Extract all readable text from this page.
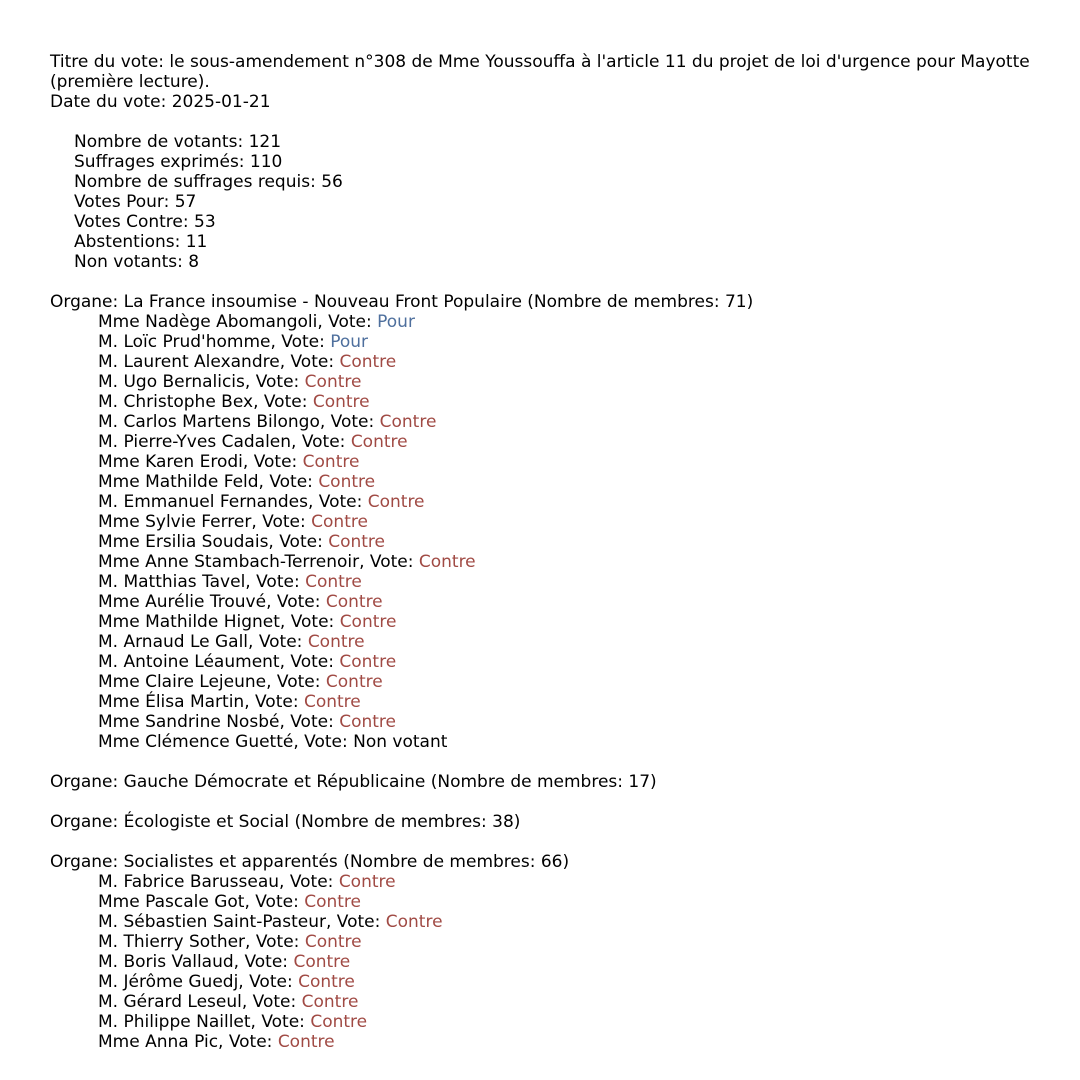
Titre du vote: le sous-amendement n°308 de Mme Youssouffa à l'article 11 du projet de loi d'urgence pour Mayotte
(première lecture).
Date du vote: 2025-01-21
Nombre de votants: 121
Suffrages exprimés: 110
Nombre de suffrages requis: 56
Votes Pour: 57
Votes Contre: 53
Abstentions: 11
Non votants: 8
Organe: La France insoumise - Nouveau Front Populaire (Nombre de membres: 71)
Mme Nadège Abomangoli, Vote: Pour
M. Loïc Prud'homme, Vote: Pour
M. Laurent Alexandre, Vote: Contre
M. Ugo Bernalicis, Vote: Contre
M. Christophe Bex, Vote: Contre
M. Carlos Martens Bilongo, Vote: Contre
M. Pierre-Yves Cadalen, Vote: Contre
Mme Karen Erodi, Vote: Contre
Mme Mathilde Feld, Vote: Contre
M. Emmanuel Fernandes, Vote: Contre
Mme Sylvie Ferrer, Vote: Contre
Mme Ersilia Soudais, Vote: Contre
Mme Anne Stambach-Terrenoir, Vote: Contre
M. Matthias Tavel, Vote: Contre
Mme Aurélie Trouvé, Vote: Contre
Mme Mathilde Hignet, Vote: Contre
M. Arnaud Le Gall, Vote: Contre
M. Antoine Léaument, Vote: Contre
Mme Claire Lejeune, Vote: Contre
Mme Élisa Martin, Vote: Contre
Mme Sandrine Nosbé, Vote: Contre
Mme Clémence Guetté, Vote: Non votant
Organe: Gauche Démocrate et Républicaine (Nombre de membres: 17)
Organe: Écologiste et Social (Nombre de membres: 38)
Organe: Socialistes et apparentés (Nombre de membres: 66)
M. Fabrice Barusseau, Vote: Contre
Mme Pascale Got, Vote: Contre
M. Sébastien Saint-Pasteur, Vote: Contre
M. Thierry Sother, Vote: Contre
M. Boris Vallaud, Vote: Contre
M. Jérôme Guedj, Vote: Contre
M. Gérard Leseul, Vote: Contre
M. Philippe Naillet, Vote: Contre
Mme Anna Pic, Vote: Contre
